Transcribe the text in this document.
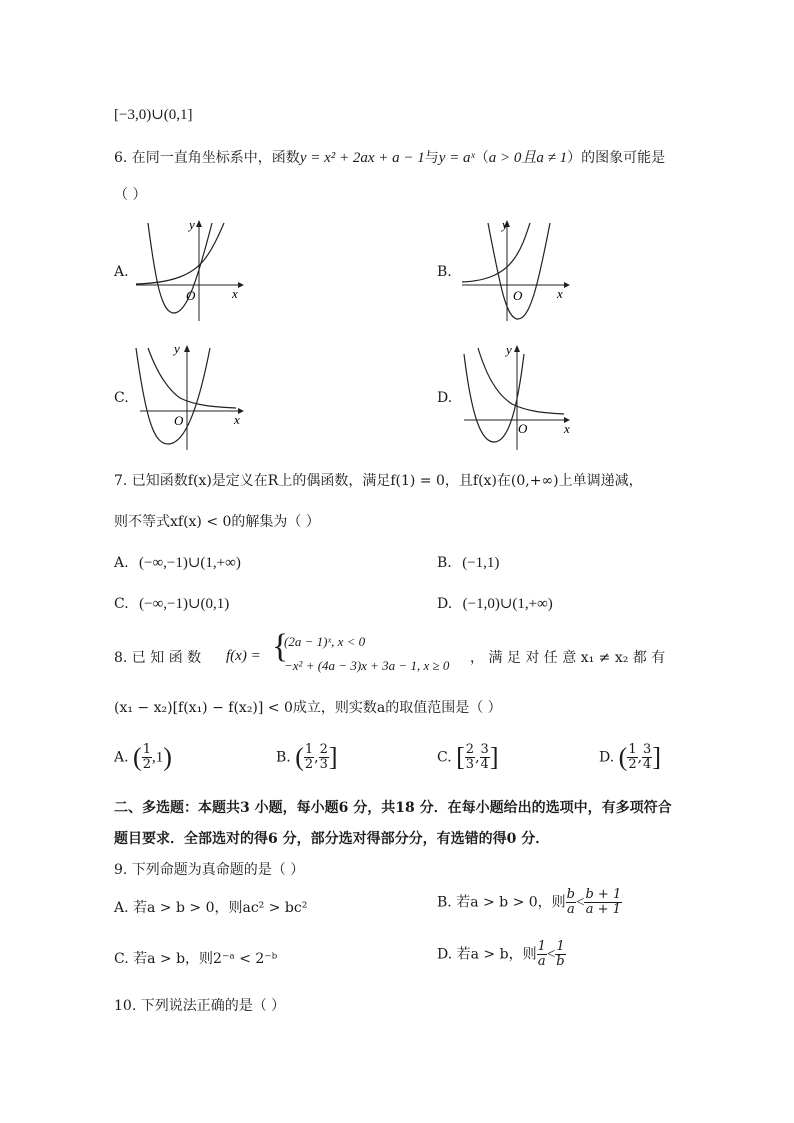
[−3,0)∪(0,1]
6. 在同一直角坐标系中，函数y = x² + 2ax + a − 1与y = aˣ（a > 0且a ≠ 1）的图象可能是
（ ）
A.
y
x
O
B.
y
x
O
C.
y
x
O
D.
y
x
O
7. 已知函数f(x)是定义在R上的偶函数，满足f(1) = 0，且f(x)在(0,+∞)上单调递减，
则不等式xf(x) < 0的解集为（ ）
A. (−∞,−1)∪(1,+∞)	B. (−1,1)
C. (−∞,−1)∪(0,1)	D. (−1,0)∪(1,+∞)
8. 已 知 函 数 f(x) = {
(2a − 1)ˣ, x < 0
−x² + (4a − 3)x + 3a − 1, x ≥ 0 ， 满 足 对 任 意 x₁ ≠ x₂ 都 有
(x₁ − x₂)[f(x₁) − f(x₂)] < 0成立，则实数a的取值范围是（ ）
A. ( $\frac{1}{2} ,1$)	B. ( $\frac{1}{2}$ , $\frac{2}{3}$ ]	C. [ $\frac{2}{3}$ , $\frac{3}{4}$ ]	D. ( $\frac{1}{2}$ , $\frac{3}{4}$ ]
二、多选题：本题共3 小题，每小题6 分，共18 分．在每小题给出的选项中，有多项符合
题目要求．全部选对的得6 分，部分选对得部分分，有选错的得0 分．
9. 下列命题为真命题的是（ ）
A. 若a > b > 0，则ac² > bc²	B. 若a > b > 0，则 $\frac{b}{a} < \frac{b + 1}{a + 1}$
C. 若a > b，则2⁻ᵃ < 2⁻ᵇ	D. 若a > b，则 $\frac{1}{a} < \frac{1}{b}$
10. 下列说法正确的是（ ）
